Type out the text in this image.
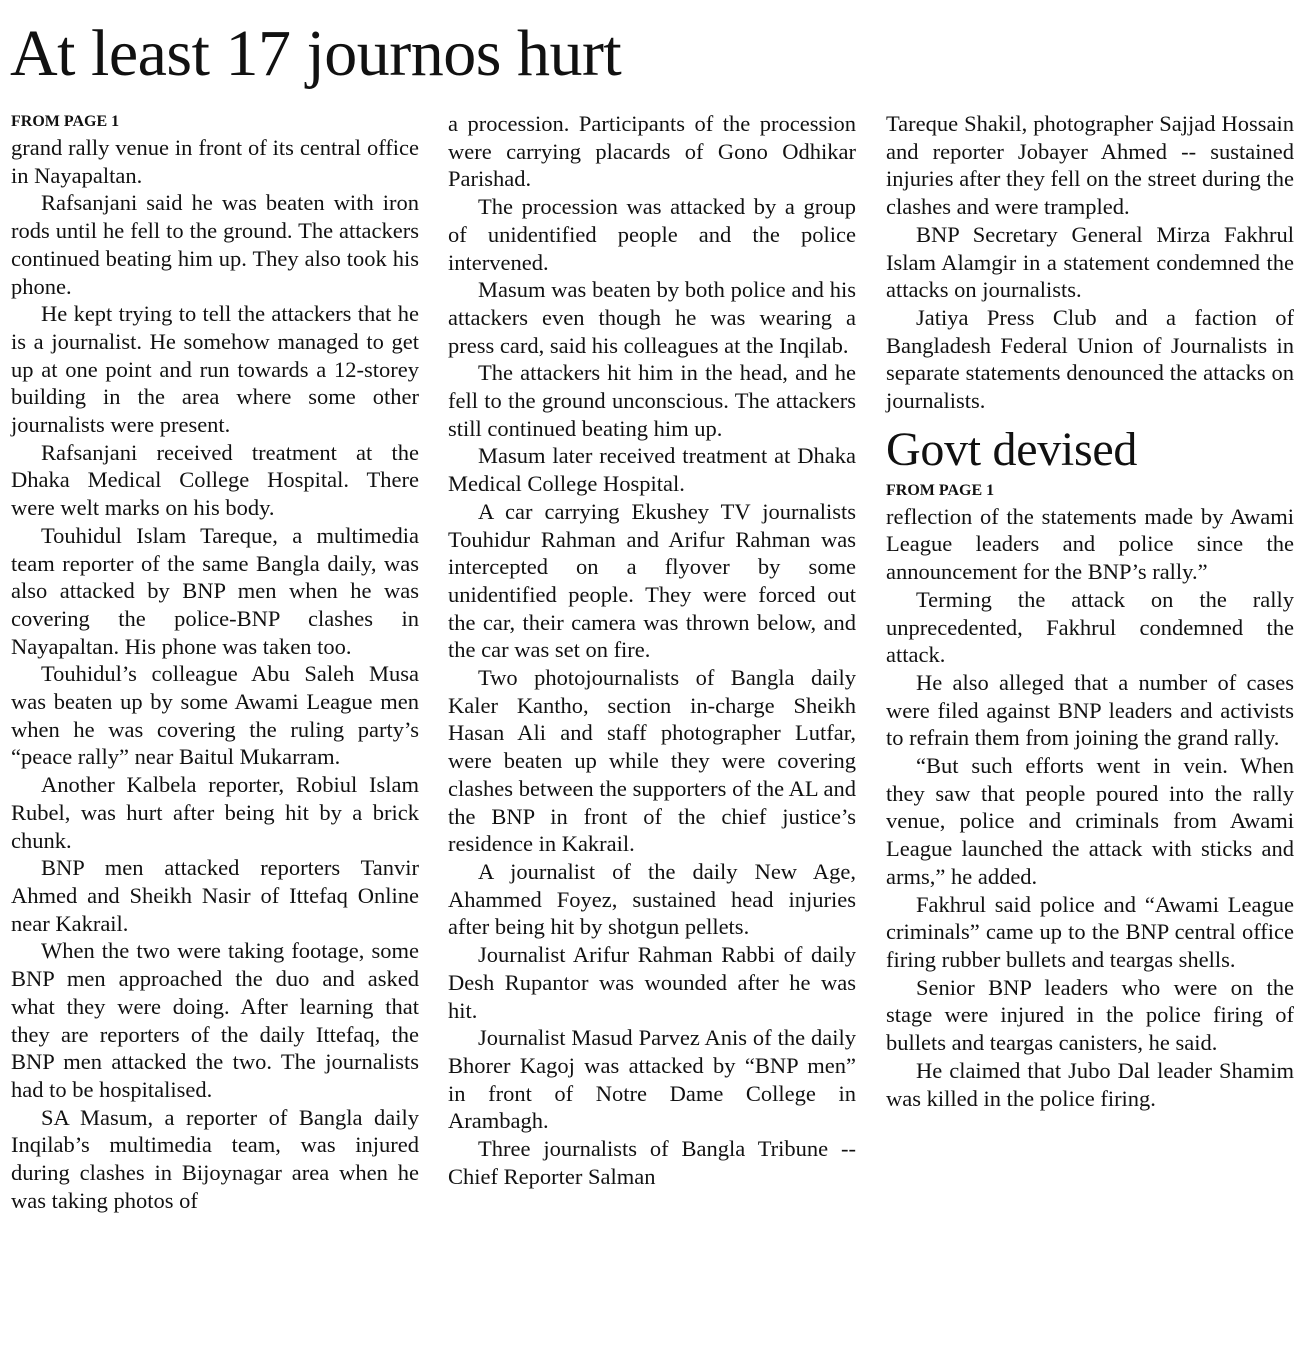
At least 17 journos hurt
FROM PAGE 1

grand rally venue in front of its central office in Nayapaltan.

Rafsanjani said he was beaten with iron rods until he fell to the ground. The attackers continued beating him up. They also took his phone.

He kept trying to tell the attackers that he is a journalist. He somehow managed to get up at one point and run towards a 12-storey building in the area where some other journalists were present.

Rafsanjani received treatment at the Dhaka Medical College Hospital. There were welt marks on his body.

Touhidul Islam Tareque, a multimedia team reporter of the same Bangla daily, was also attacked by BNP men when he was covering the police-BNP clashes in Nayapaltan. His phone was taken too.

Touhidul’s colleague Abu Saleh Musa was beaten up by some Awami League men when he was covering the ruling party’s “peace rally” near Baitul Mukarram.

Another Kalbela reporter, Robiul Islam Rubel, was hurt after being hit by a brick chunk.

BNP men attacked reporters Tanvir Ahmed and Sheikh Nasir of Ittefaq Online near Kakrail.

When the two were taking footage, some BNP men approached the duo and asked what they were doing. After learning that they are reporters of the daily Ittefaq, the BNP men attacked the two. The journalists had to be hospitalised.

SA Masum, a reporter of Bangla daily Inqilab’s multimedia team, was injured during clashes in Bijoynagar area when he was taking photos of

a procession. Participants of the procession were carrying placards of Gono Odhikar Parishad.

The procession was attacked by a group of unidentified people and the police intervened.

Masum was beaten by both police and his attackers even though he was wearing a press card, said his colleagues at the Inqilab.

The attackers hit him in the head, and he fell to the ground unconscious. The attackers still continued beating him up.

Masum later received treatment at Dhaka Medical College Hospital.

A car carrying Ekushey TV journalists Touhidur Rahman and Arifur Rahman was intercepted on a flyover by some unidentified people. They were forced out the car, their camera was thrown below, and the car was set on fire.

Two photojournalists of Bangla daily Kaler Kantho, section in-charge Sheikh Hasan Ali and staff photographer Lutfar, were beaten up while they were covering clashes between the supporters of the AL and the BNP in front of the chief justice’s residence in Kakrail.

A journalist of the daily New Age, Ahammed Foyez, sustained head injuries after being hit by shotgun pellets.

Journalist Arifur Rahman Rabbi of daily Desh Rupantor was wounded after he was hit.

Journalist Masud Parvez Anis of the daily Bhorer Kagoj was attacked by “BNP men” in front of Notre Dame College in Arambagh.

Three journalists of Bangla Tribune -- Chief Reporter Salman

Tareque Shakil, photographer Sajjad Hossain and reporter Jobayer Ahmed -- sustained injuries after they fell on the street during the clashes and were trampled.

BNP Secretary General Mirza Fakhrul Islam Alamgir in a statement condemned the attacks on journalists.

Jatiya Press Club and a faction of Bangladesh Federal Union of Journalists in separate statements denounced the attacks on journalists.

Govt devised
FROM PAGE 1

reflection of the statements made by Awami League leaders and police since the announcement for the BNP’s rally.”

Terming the attack on the rally unprecedented, Fakhrul condemned the attack.

He also alleged that a number of cases were filed against BNP leaders and activists to refrain them from joining the grand rally.

“But such efforts went in vein. When they saw that people poured into the rally venue, police and criminals from Awami League launched the attack with sticks and arms,” he added.

Fakhrul said police and “Awami League criminals” came up to the BNP central office firing rubber bullets and teargas shells.

Senior BNP leaders who were on the stage were injured in the police firing of bullets and teargas canisters, he said.

He claimed that Jubo Dal leader Shamim was killed in the police firing.
